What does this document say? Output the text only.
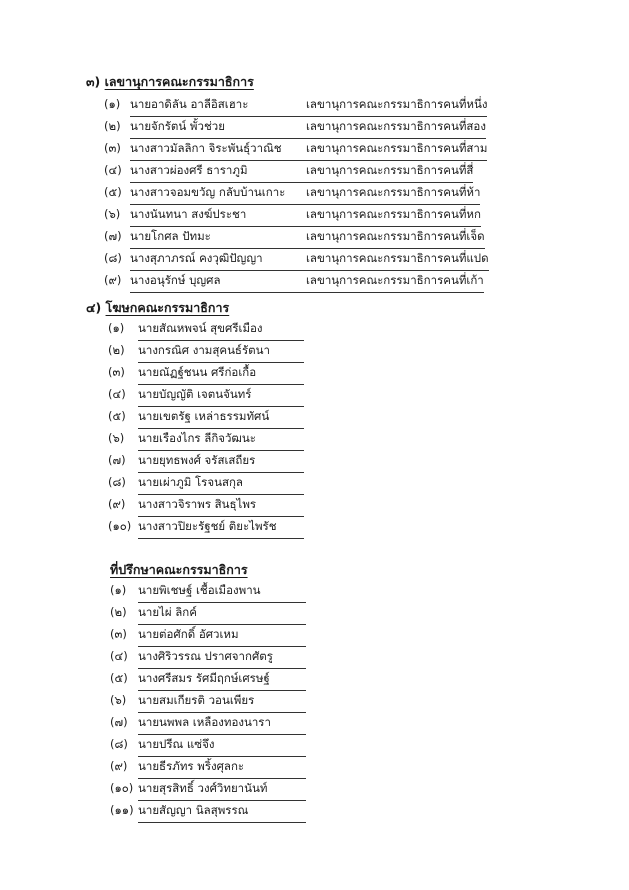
๓) เลขานุการคณะกรรมาธิการ
(๑) นายอาดิลัน อาลีอิสเฮาะ	เลขานุการคณะกรรมาธิการคนที่หนึ่ง
(๒) นายจักรัตน์ พั้วช่วย	เลขานุการคณะกรรมาธิการคนที่สอง
(๓) นางสาวมัลลิกา จิระพันธุ์วาณิช	เลขานุการคณะกรรมาธิการคนที่สาม
(๔) นางสาวผ่องศรี ธาราภูมิ	เลขานุการคณะกรรมาธิการคนที่สี่
(๕) นางสาวจอมขวัญ กลับบ้านเกาะ	เลขานุการคณะกรรมาธิการคนที่ห้า
(๖) นางนันทนา สงฆ์ประชา	เลขานุการคณะกรรมาธิการคนที่หก
(๗) นายโกศล ปัทมะ	เลขานุการคณะกรรมาธิการคนที่เจ็ด
(๘) นางสุภาภรณ์ คงวุฒิปัญญา	เลขานุการคณะกรรมาธิการคนที่แปด
(๙) นางอนุรักษ์ บุญศล	เลขานุการคณะกรรมาธิการคนที่เก้า
๔) โฆษกคณะกรรมาธิการ
(๑) นายสัณหพจน์ สุขศรีเมือง
(๒) นางกรณิศ งามสุคนธ์รัตนา
(๓) นายณัฏฐ์ชนน ศรีก่อเกื้อ
(๔) นายบัญญัติ เจตนจันทร์
(๕) นายเขตรัฐ เหล่าธรรมทัศน์
(๖) นายเรืองไกร ลีกิจวัฒนะ
(๗) นายยุทธพงศ์ จรัสเสถียร
(๘) นายเผ่าภูมิ โรจนสกุล
(๙) นางสาวจิราพร สินธุไพร
(๑๐) นางสาวปิยะรัฐชย์ ติยะไพรัช
ที่ปรึกษาคณะกรรมาธิการ
(๑) นายพิเชษฐ์ เชื้อเมืองพาน
(๒) นายไผ่ ลิกค์
(๓) นายต่อศักดิ์ อัศวเหม
(๔) นางศิริวรรณ ปราศจากศัตรู
(๕) นางศรีสมร รัศมีฤกษ์เศรษฐ์
(๖) นายสมเกียรติ วอนเพียร
(๗) นายนพพล เหลืองทองนารา
(๘) นายปรีณ แซ่จึง
(๙) นายธีรภัทร พริ้งศุลกะ
(๑๐) นายสุรสิทธิ์ วงศ์วิทยานันท์
(๑๑) นายสัญญา นิลสุพรรณ
